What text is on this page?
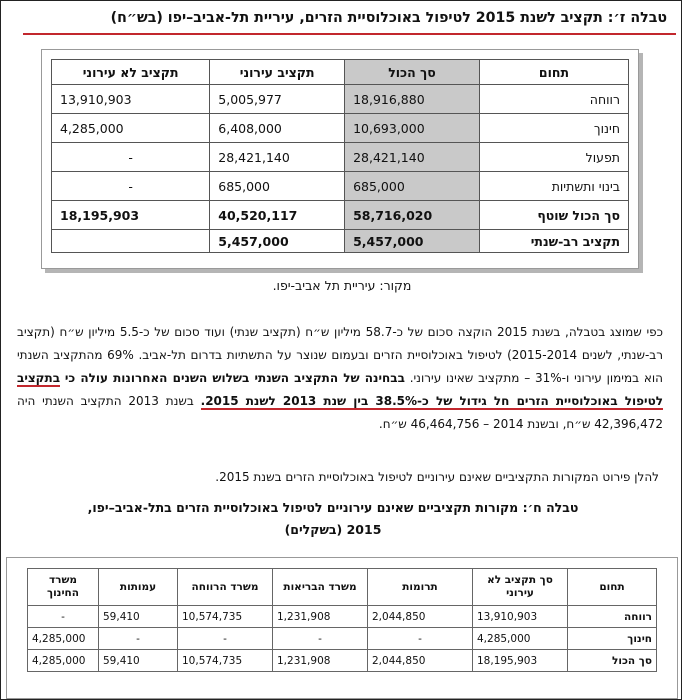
טבלה ז׳: תקציב לשנת 2015 לטיפול באוכלוסיית הזרים, עיריית תל-אביב–יפו (בש״ח)
תחום	סך הכול	תקציב עירוני	תקציב לא עירוני
רווחה	18,916,880	5,005,977	13,910,903
חינוך	10,693,000	6,408,000	4,285,000
תפעול	28,421,140	28,421,140	-
בינוי ותשתיות	685,000	685,000	-
סך הכול שוטף	58,716,020	40,520,117	18,195,903
תקציב רב-שנתי	5,457,000	5,457,000	
מקור: עיריית תל אביב-יפו.

כפי שמוצג בטבלה, בשנת 2015 הוקצה סכום של כ-58.7 מיליון ש״ח (תקציב שנתי) ועוד סכום של כ-5.5 מיליון ש״ח (תקציב רב-שנתי, לשנים 2015-2014) לטיפול באוכלוסיית הזרים ובעמום שנוצר על התשתיות בדרום תל-אביב. 69% מהתקציב השנתי הוא במימון עירוני ו-31% – מתקציב שאינו עירוני. בבחינה של התקציב השנתי בשלוש השנים האחרונות עולה כי בתקציב לטיפול באוכלוסיית הזרים חל גידול של כ-38.5% בין שנת 2013 לשנת 2015. בשנת 2013 התקציב השנתי היה 42,396,472 ש״ח, ובשנת 2014 – 46,464,756 ש״ח.

להלן פירוט המקורות התקציביים שאינם עירוניים לטיפול באוכלוסיית הזרים בשנת 2015.
טבלה ח׳: מקורות תקציביים שאינם עירוניים לטיפול באוכלוסיית הזרים בתל-אביב–יפו,
2015 (בשקלים)
תחום	סך תקציב לא עירוני	תרומות	משרד הבריאות	משרד הרווחה	עמותות	משרד החינוך
רווחה	13,910,903	2,044,850	1,231,908	10,574,735	59,410	-
חינוך	4,285,000	-	-	-	-	4,285,000
סך הכול	18,195,903	2,044,850	1,231,908	10,574,735	59,410	4,285,000
